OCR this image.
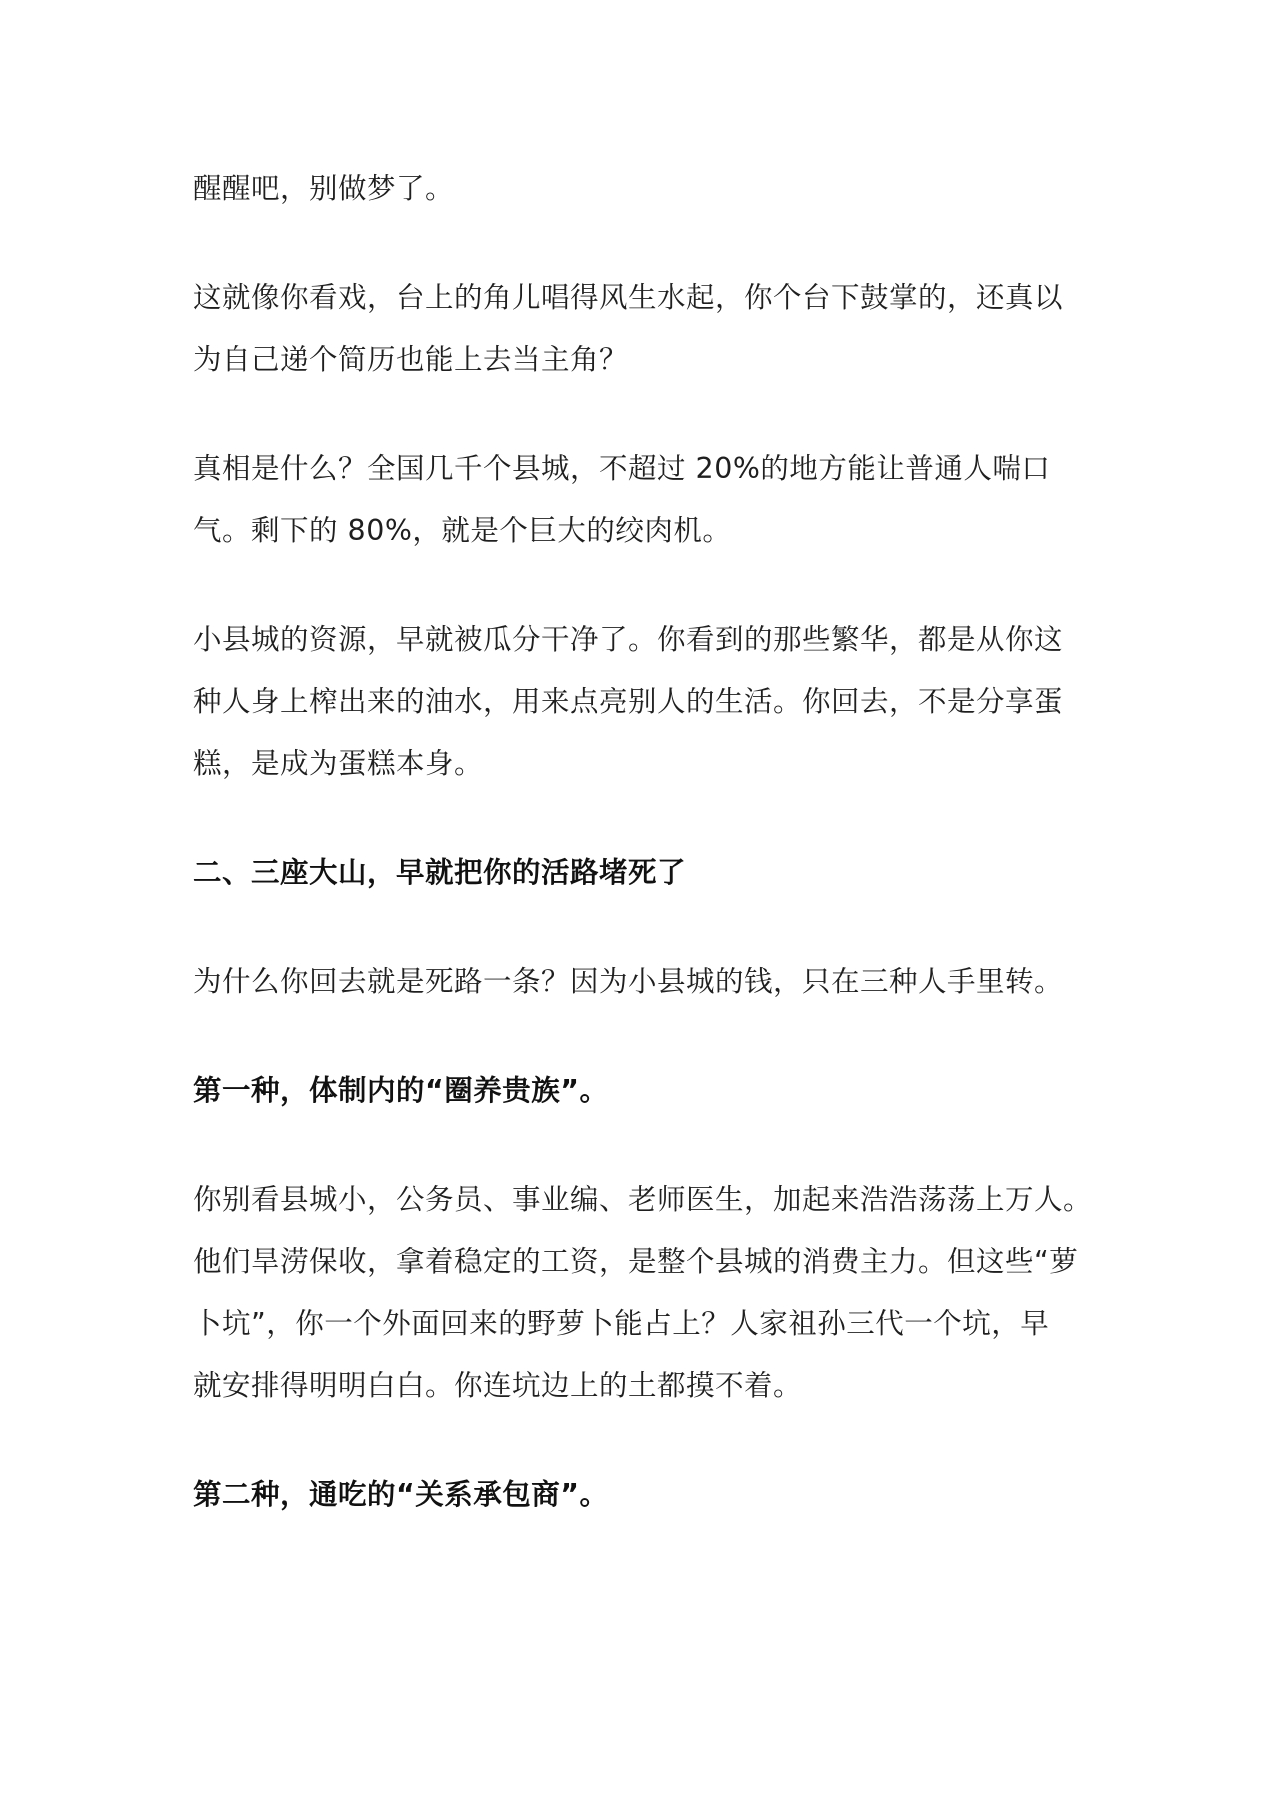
醒醒吧，别做梦了。

这就像你看戏，台上的角儿唱得风生水起，你个台下鼓掌的，还真以

为自己递个简历也能上去当主角？

真相是什么？全国几千个县城，不超过 20%的地方能让普通人喘口

气。剩下的 80%，就是个巨大的绞肉机。

小县城的资源，早就被瓜分干净了。你看到的那些繁华，都是从你这

种人身上榨出来的油水，用来点亮别人的生活。你回去，不是分享蛋

糕，是成为蛋糕本身。

二、三座大山，早就把你的活路堵死了

为什么你回去就是死路一条？因为小县城的钱，只在三种人手里转。

第一种，体制内的“圈养贵族”。

你别看县城小，公务员、事业编、老师医生，加起来浩浩荡荡上万人。

他们旱涝保收，拿着稳定的工资，是整个县城的消费主力。但这些“萝

卜坑”，你一个外面回来的野萝卜能占上？人家祖孙三代一个坑，早

就安排得明明白白。你连坑边上的土都摸不着。

第二种，通吃的“关系承包商”。
